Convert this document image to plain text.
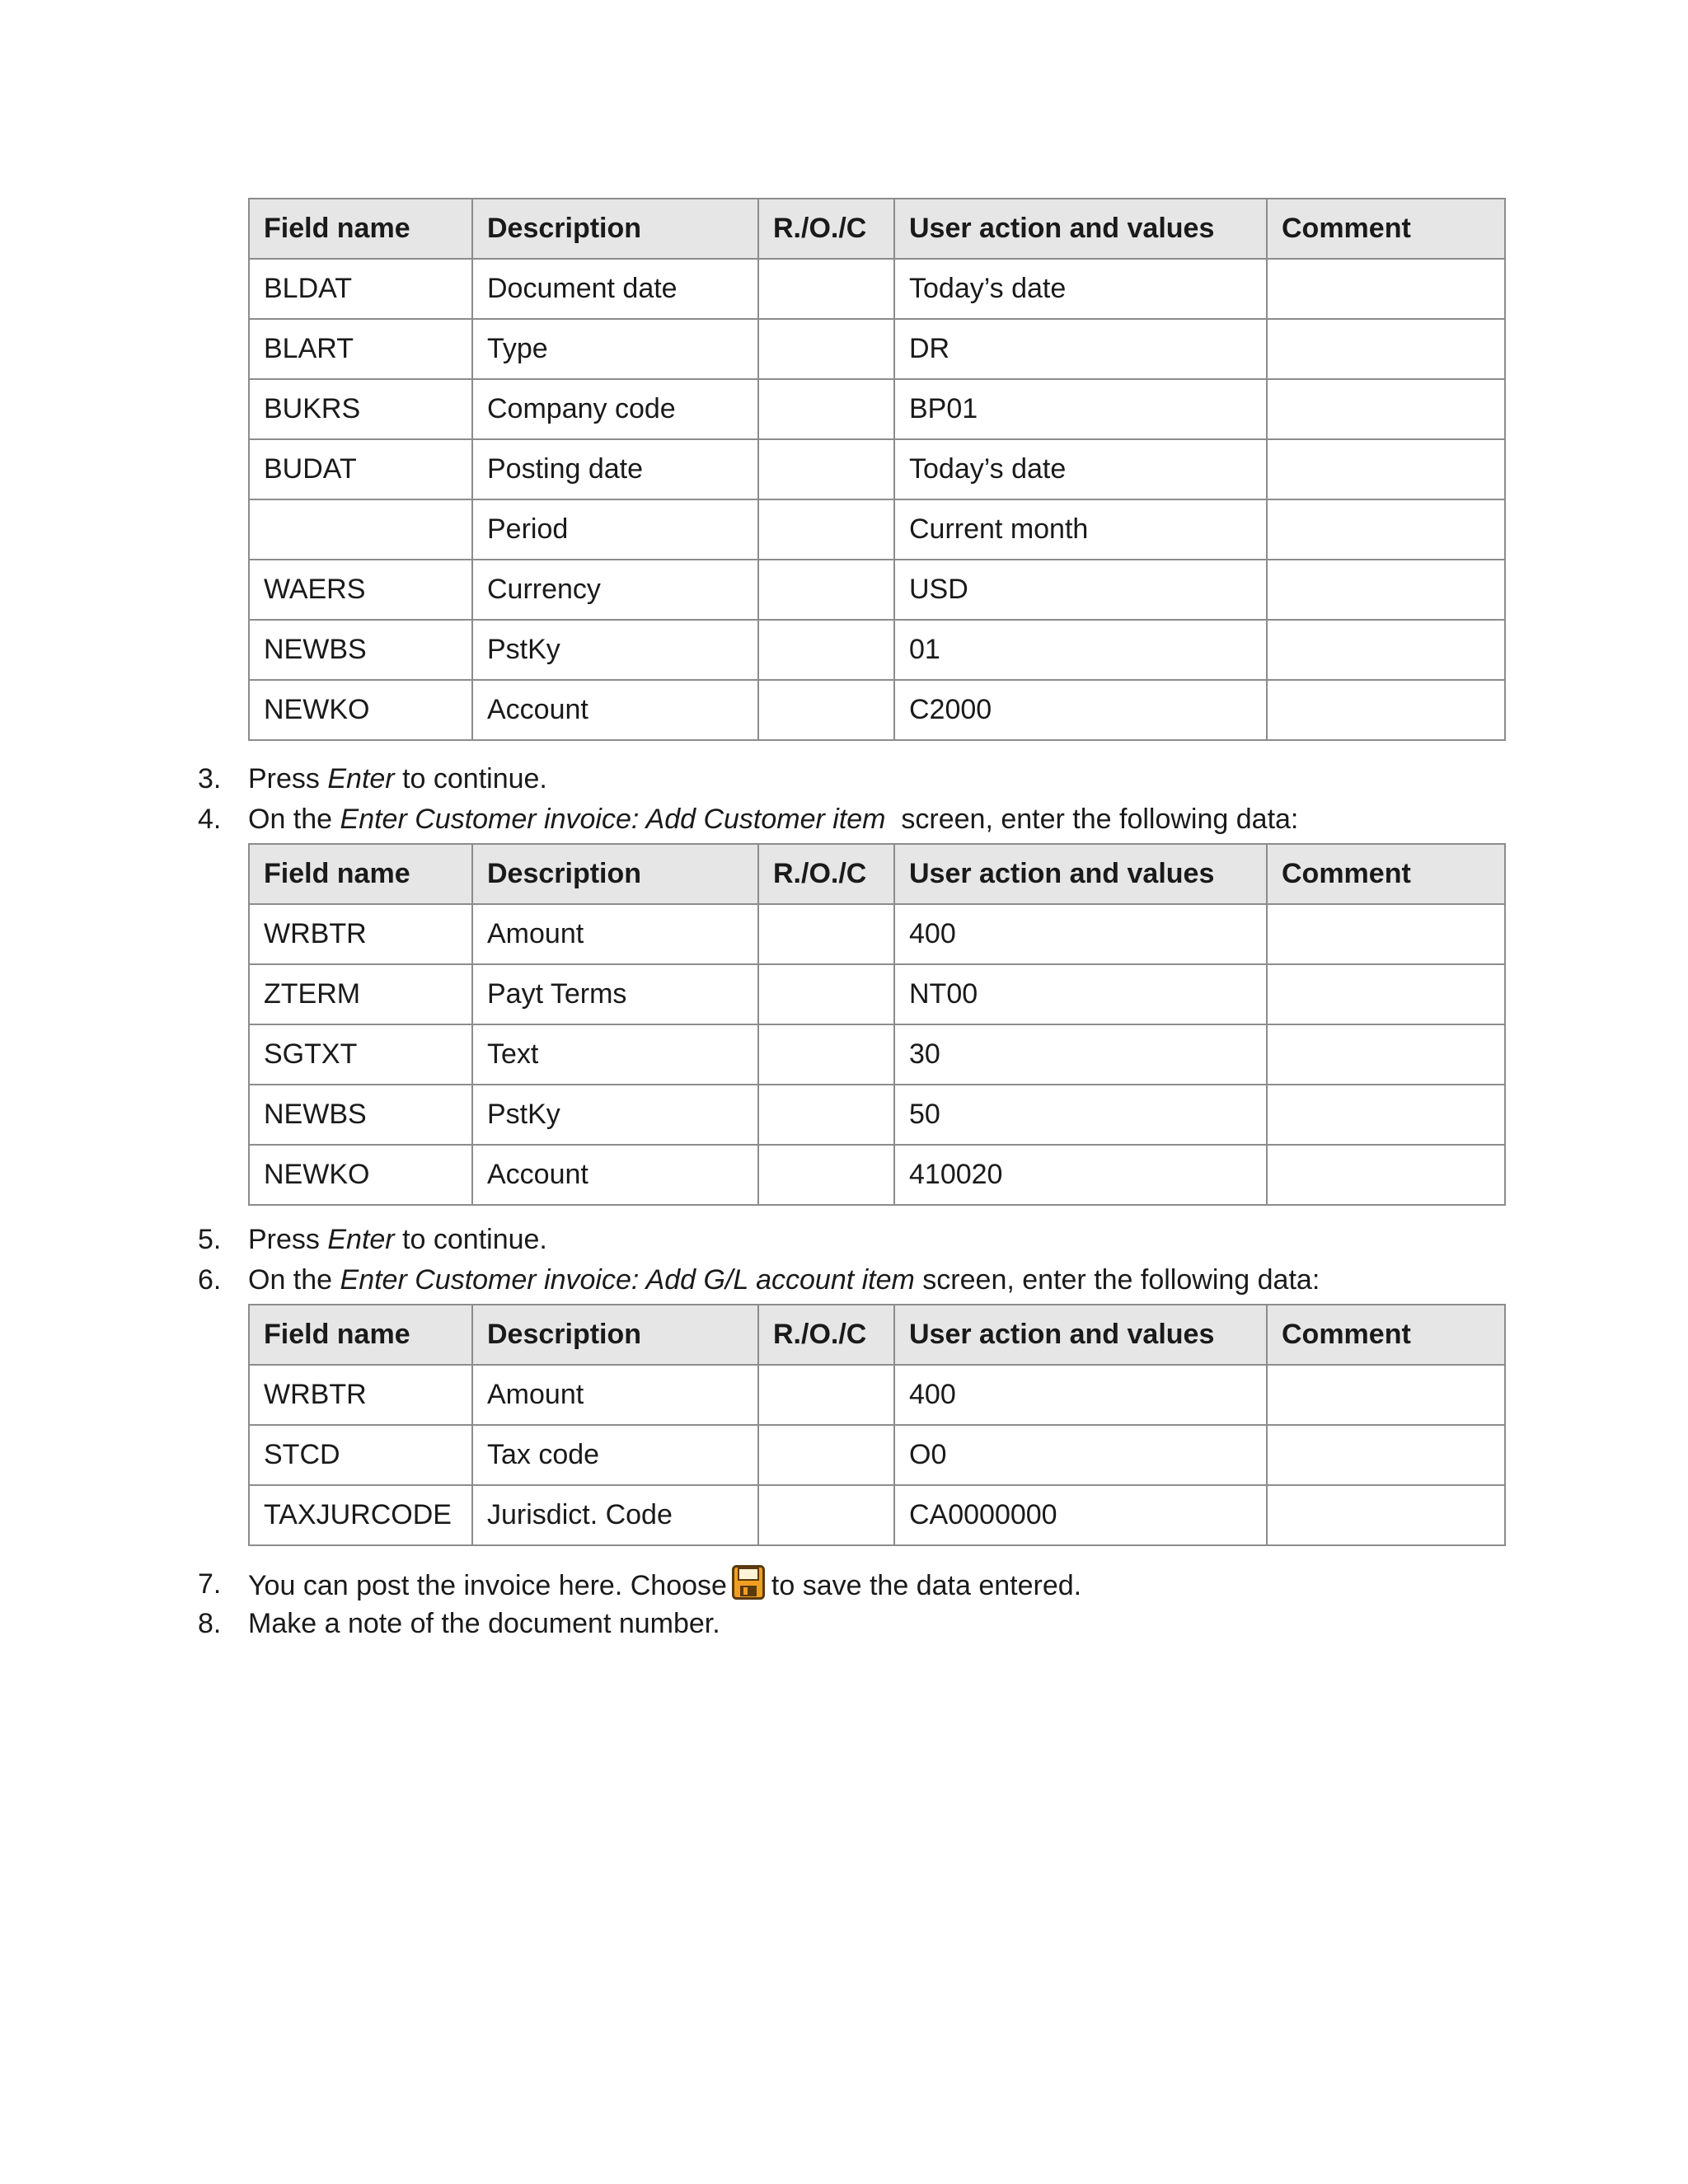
Field name	Description	R./O./C	User action and values	Comment
BLDAT	Document date		Today’s date	
BLART	Type		DR	
BUKRS	Company code		BP01	
BUDAT	Posting date		Today’s date	
	Period		Current month	
WAERS	Currency		USD	
NEWBS	PstKy		01	
NEWKO	Account		C2000	
3. Press Enter to continue.
4. On the Enter Customer invoice: Add Customer item  screen, enter the following data:
Field name	Description	R./O./C	User action and values	Comment
WRBTR	Amount		400	
ZTERM	Payt Terms		NT00	
SGTXT	Text		30	
NEWBS	PstKy		50	
NEWKO	Account		410020	
5. Press Enter to continue.
6. On the Enter Customer invoice: Add G/L account item screen, enter the following data:
Field name	Description	R./O./C	User action and values	Comment
WRBTR	Amount		400	
STCD	Tax code		O0	
TAXJURCODE	Jurisdict. Code		CA0000000	
7. You can post the invoice here. Choose to save the data entered.
8. Make a note of the document number.
